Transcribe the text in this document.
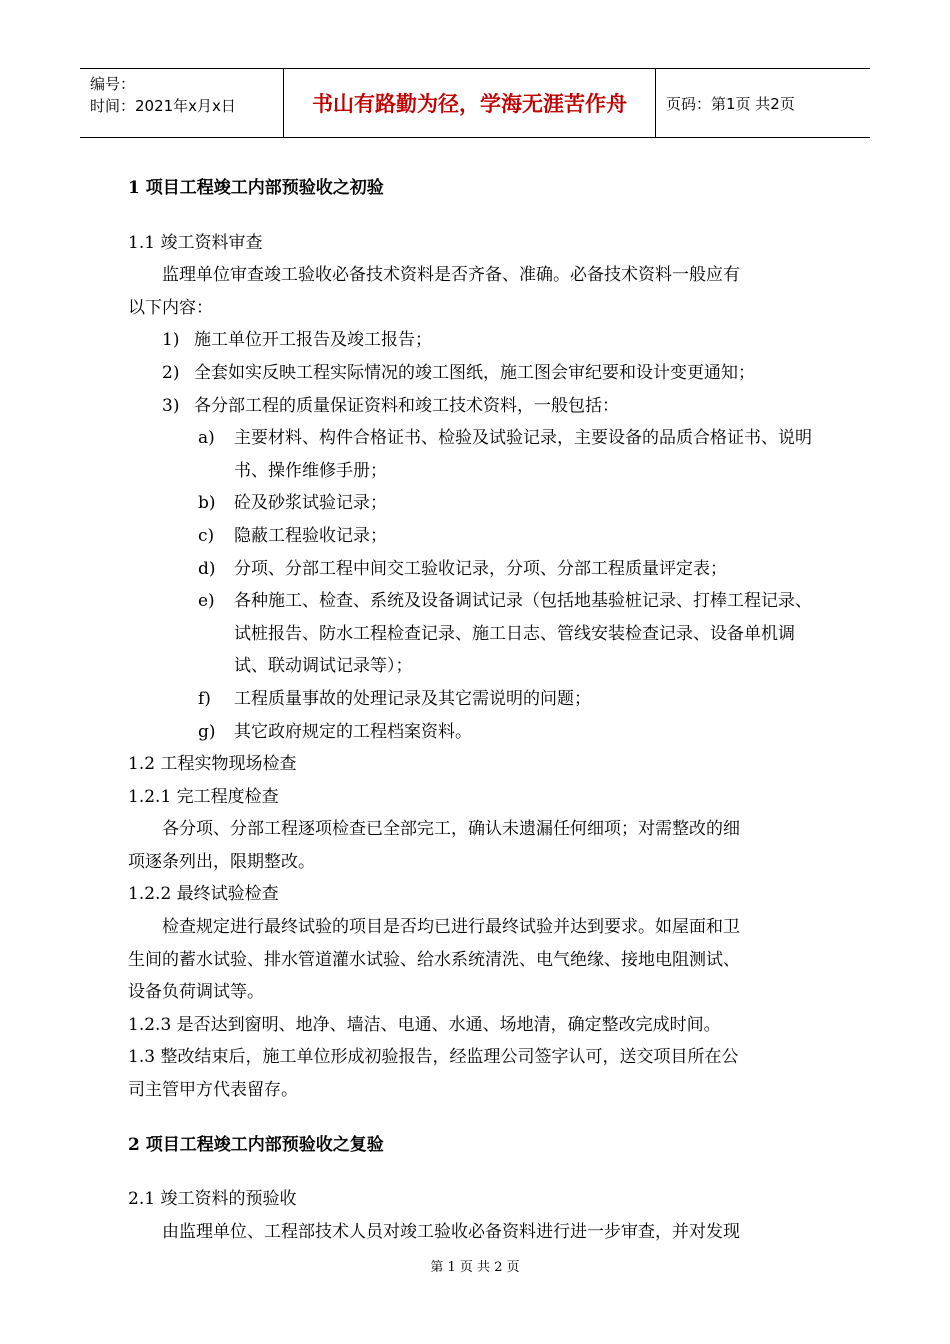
编号：
时间：2021年x月x日	书山有路勤为径，学海无涯苦作舟	页码：第1页 共2页
1 项目工程竣工内部预验收之初验
1.1 竣工资料审查
监理单位审查竣工验收必备技术资料是否齐备、准确。必备技术资料一般应有
以下内容：
1) 施工单位开工报告及竣工报告；
2) 全套如实反映工程实际情况的竣工图纸，施工图会审纪要和设计变更通知；
3) 各分部工程的质量保证资料和竣工技术资料，一般包括：
a)	主要材料、构件合格证书、检验及试验记录，主要设备的品质合格证书、说明书、操作维修手册；
b)	砼及砂浆试验记录；
c)	隐蔽工程验收记录；
d)	分项、分部工程中间交工验收记录，分项、分部工程质量评定表；
e)	各种施工、检查、系统及设备调试记录（包括地基验桩记录、打棒工程记录、试桩报告、防水工程检查记录、施工日志、管线安装检查记录、设备单机调试、联动调试记录等）；
f)	工程质量事故的处理记录及其它需说明的问题；
g)	其它政府规定的工程档案资料。
1.2 工程实物现场检查
1.2.1 完工程度检查
各分项、分部工程逐项检查已全部完工，确认未遗漏任何细项；对需整改的细
项逐条列出，限期整改。
1.2.2 最终试验检查
检查规定进行最终试验的项目是否均已进行最终试验并达到要求。如屋面和卫
生间的蓄水试验、排水管道灌水试验、给水系统清洗、电气绝缘、接地电阻测试、
设备负荷调试等。
1.2.3 是否达到窗明、地净、墙洁、电通、水通、场地清，确定整改完成时间。
1.3 整改结束后，施工单位形成初验报告，经监理公司签字认可，送交项目所在公
司主管甲方代表留存。
2 项目工程竣工内部预验收之复验
2.1 竣工资料的预验收
由监理单位、工程部技术人员对竣工验收必备资料进行进一步审查，并对发现
第 1 页 共 2 页
